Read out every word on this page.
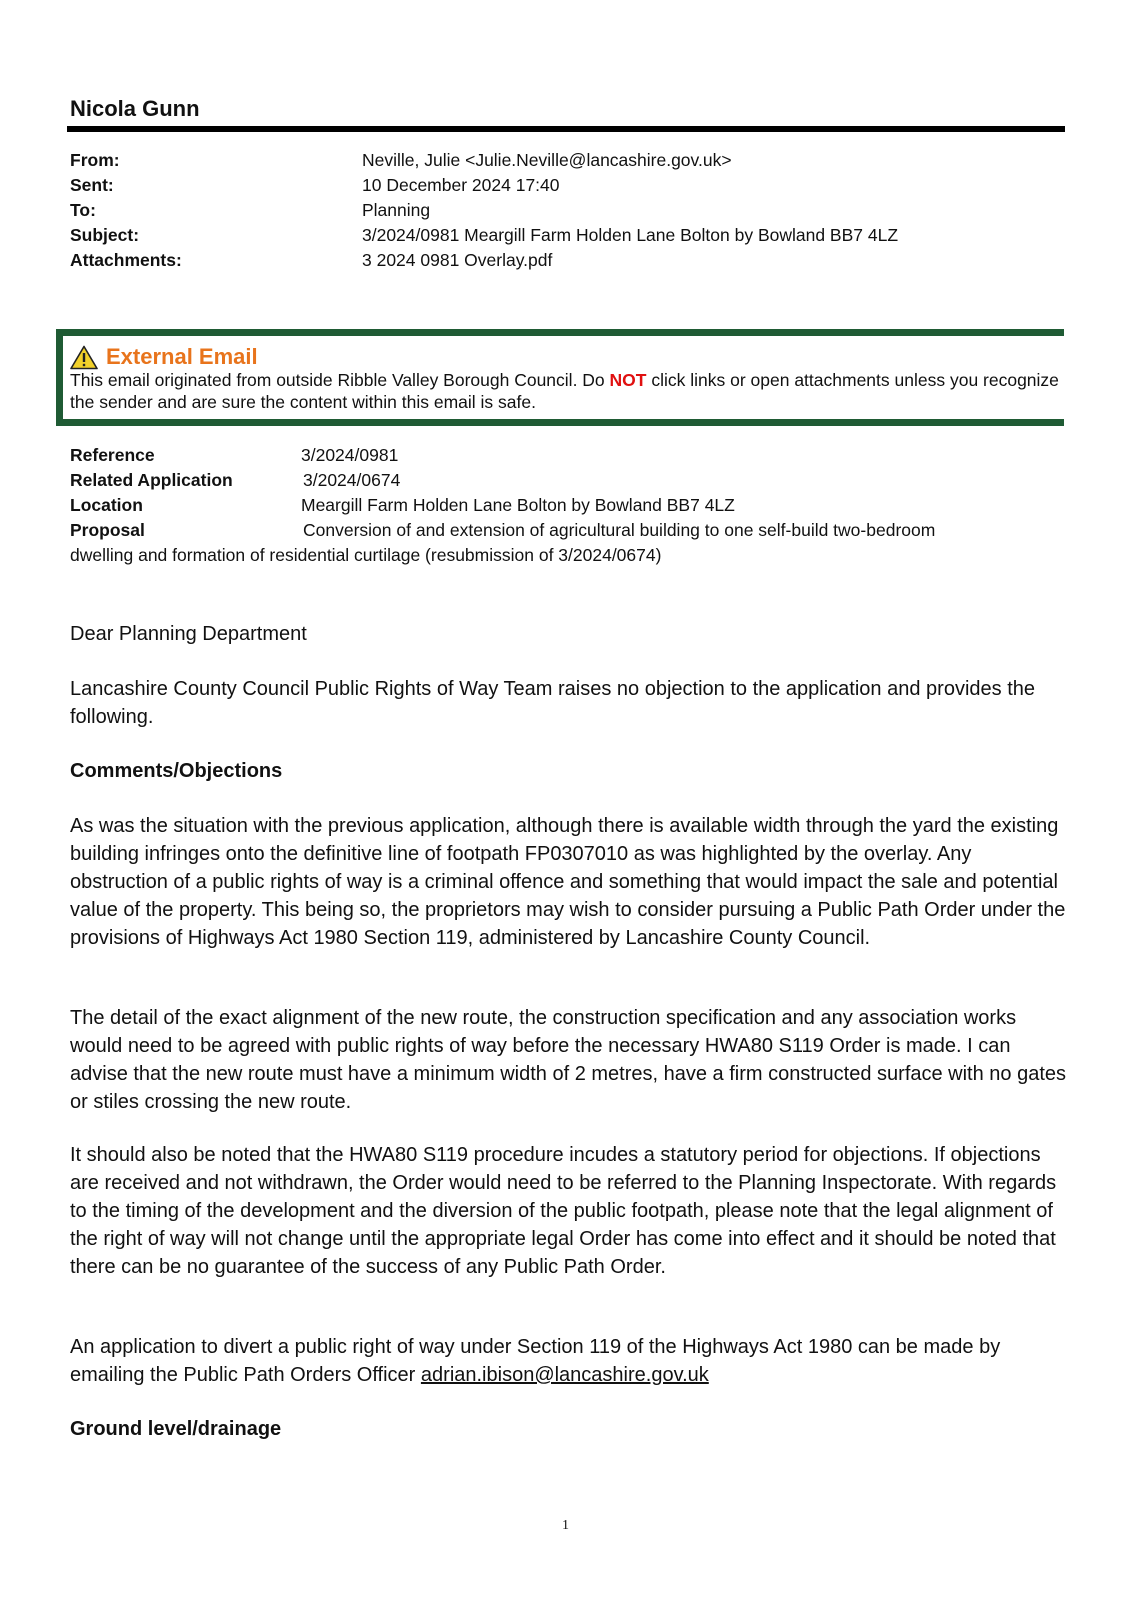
Nicola Gunn
From:	Neville, Julie <Julie.Neville@lancashire.gov.uk>
Sent:	10 December 2024 17:40
To:	Planning
Subject:	3/2024/0981 Meargill Farm Holden Lane Bolton by Bowland BB7 4LZ
Attachments:	3 2024 0981 Overlay.pdf
External Email
This email originated from outside Ribble Valley Borough Council. Do NOT click links or open attachments unless you recognize the sender and are sure the content within this email is safe.
Reference	3/2024/0981
Related Application	3/2024/0674
Location	Meargill Farm Holden Lane Bolton by Bowland BB7 4LZ
Proposal	Conversion of and extension of agricultural building to one self-build two-bedroom
dwelling and formation of residential curtilage (resubmission of 3/2024/0674)

Dear Planning Department

Lancashire County Council Public Rights of Way Team raises no objection to the application and provides the following.

Comments/Objections

As was the situation with the previous application, although there is available width through the yard the existing building infringes onto the definitive line of footpath FP0307010 as was highlighted by the overlay. Any obstruction of a public rights of way is a criminal offence and something that would impact the sale and potential value of the property. This being so, the proprietors may wish to consider pursuing a Public Path Order under the provisions of Highways Act 1980 Section 119, administered by Lancashire County Council.

The detail of the exact alignment of the new route, the construction specification and any association works would need to be agreed with public rights of way before the necessary HWA80 S119 Order is made. I can advise that the new route must have a minimum width of 2 metres, have a firm constructed surface with no gates or stiles crossing the new route.

It should also be noted that the HWA80 S119 procedure incudes a statutory period for objections. If objections are received and not withdrawn, the Order would need to be referred to the Planning Inspectorate. With regards to the timing of the development and the diversion of the public footpath, please note that the legal alignment of the right of way will not change until the appropriate legal Order has come into effect and it should be noted that there can be no guarantee of the success of any Public Path Order.

An application to divert a public right of way under Section 119 of the Highways Act 1980 can be made by emailing the Public Path Orders Officer adrian.ibison@lancashire.gov.uk

Ground level/drainage

1
